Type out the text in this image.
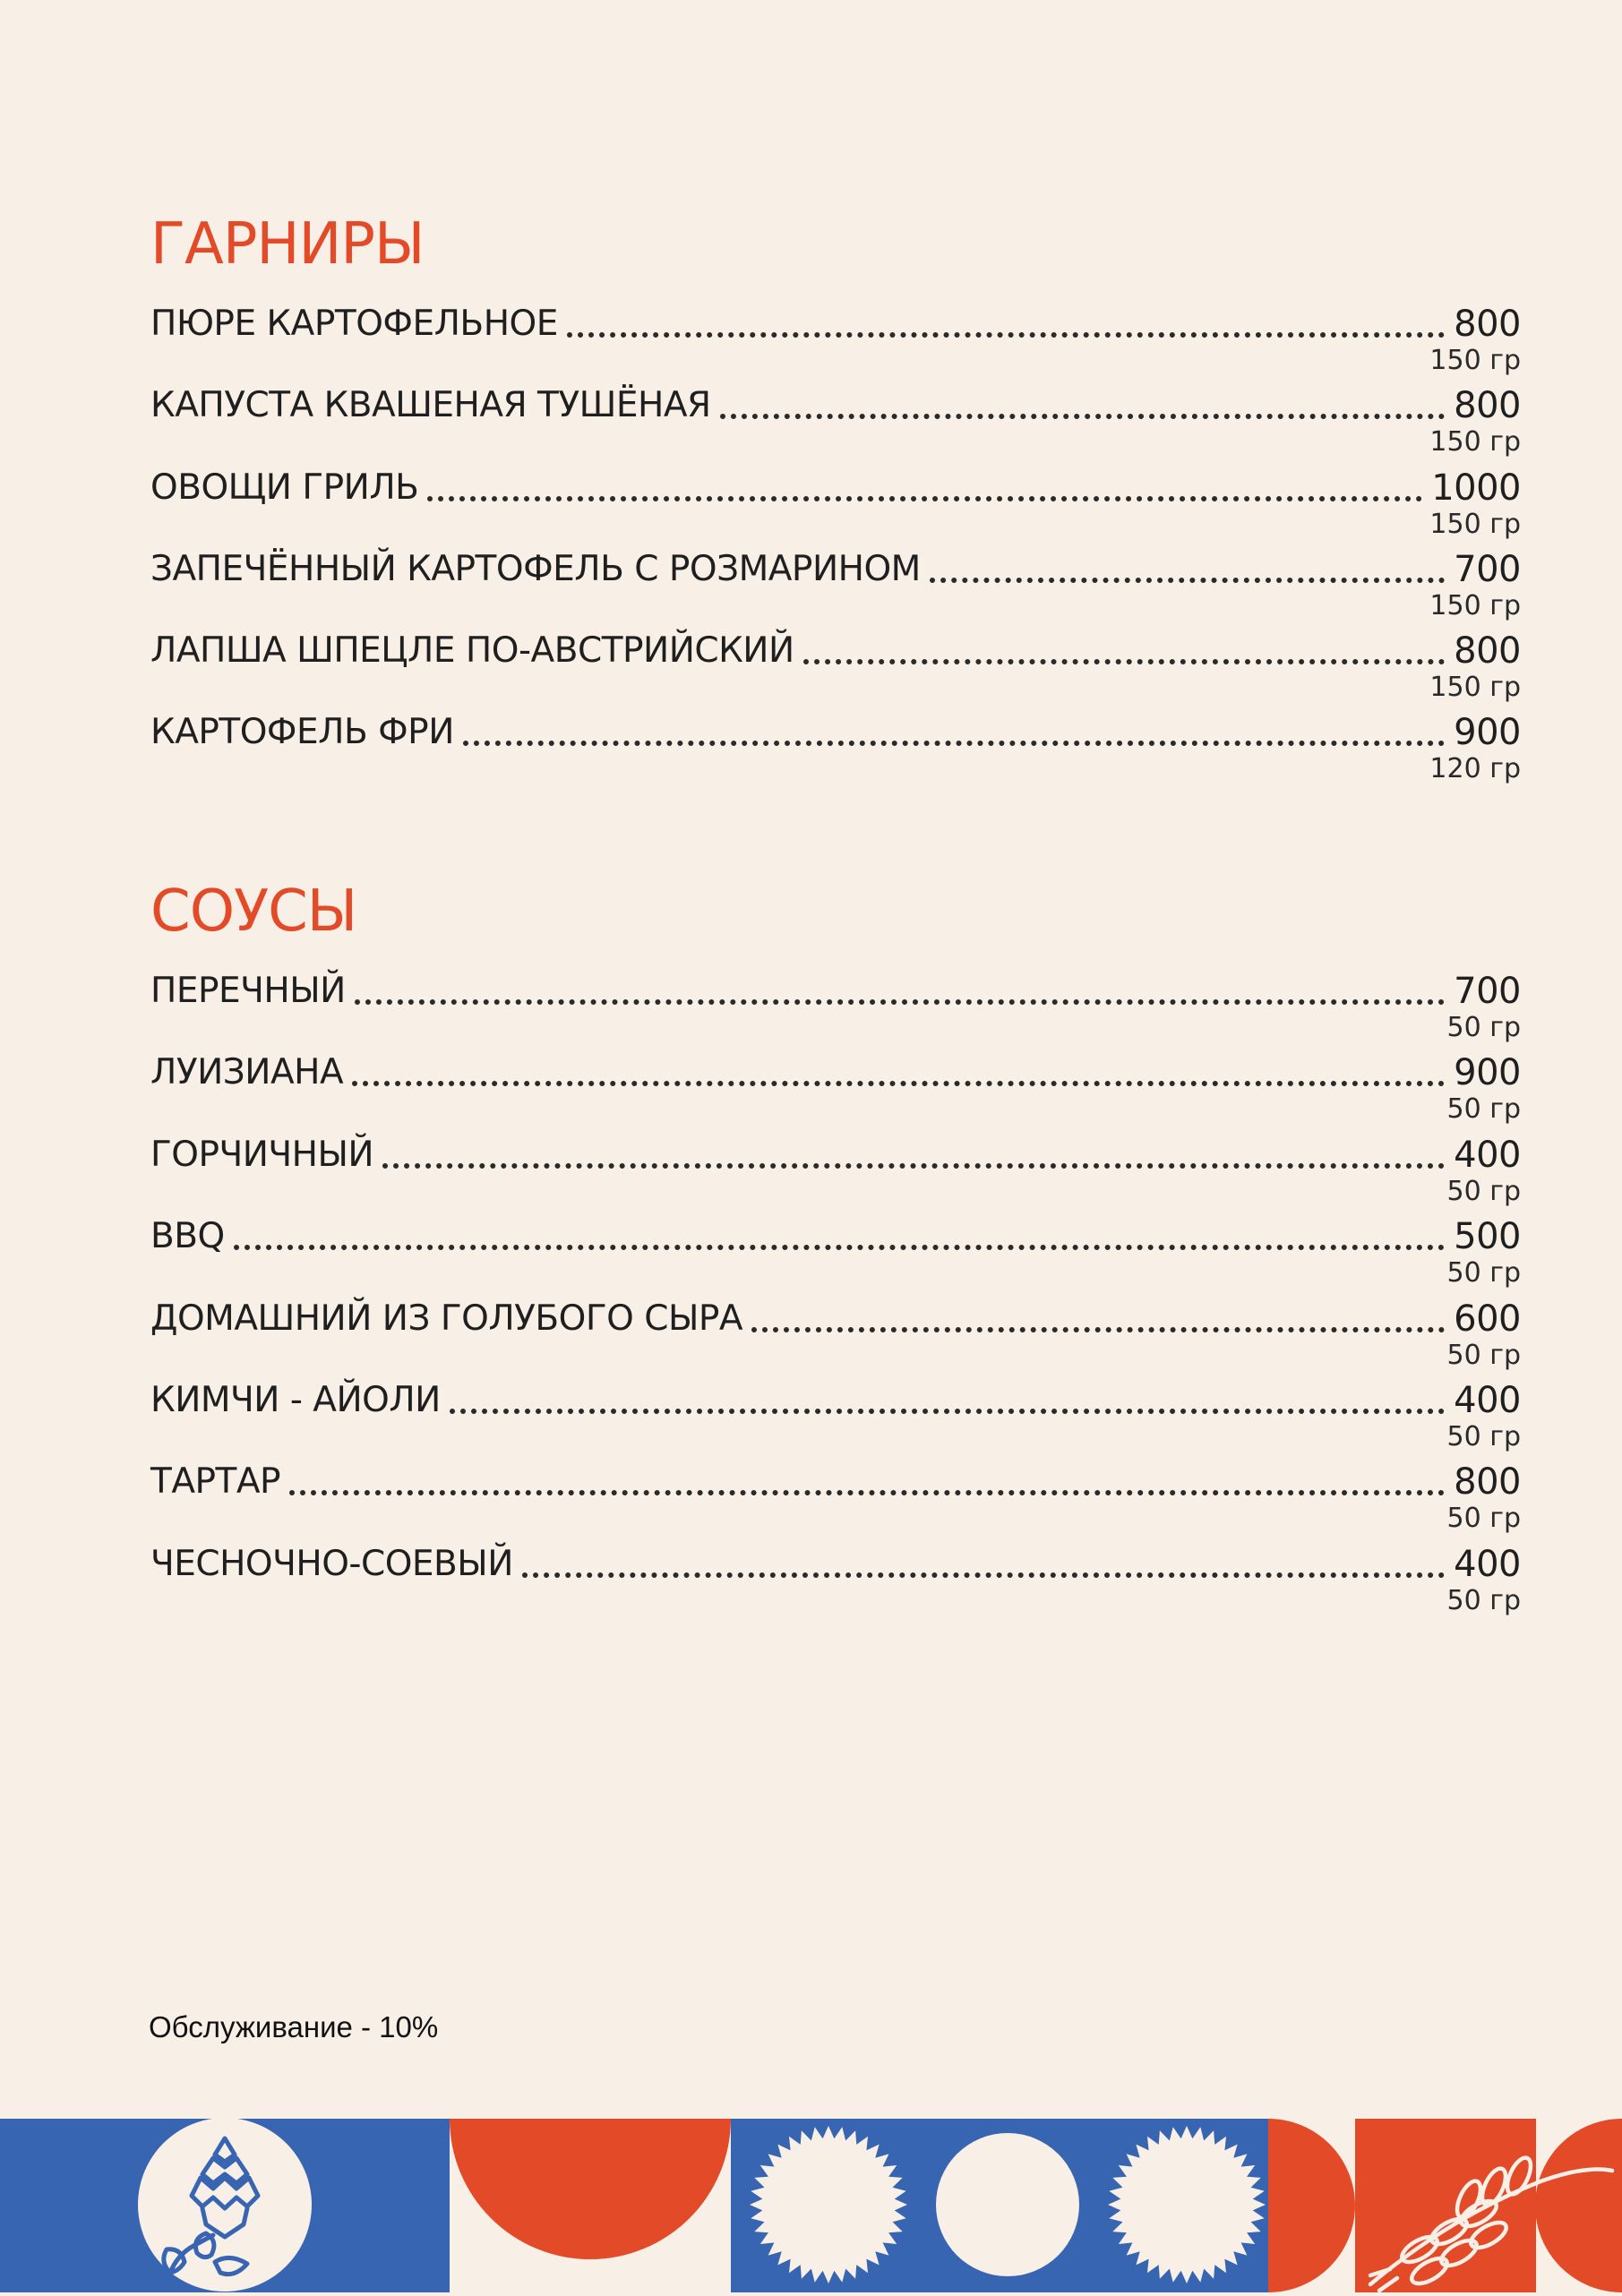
ГАРНИРЫ
ПЮРЕ КАРТОФЕЛЬНОЕ	800
150 гр
КАПУСТА КВАШЕНАЯ ТУШЁНАЯ	800
150 гр
ОВОЩИ ГРИЛЬ	1000
150 гр
ЗАПЕЧЁННЫЙ КАРТОФЕЛЬ С РОЗМАРИНОМ	700
150 гр
ЛАПША ШПЕЦЛЕ ПО-АВСТРИЙСКИЙ	800
150 гр
КАРТОФЕЛЬ ФРИ	900
120 гр
СОУСЫ
ПЕРЕЧНЫЙ	700
50 гр
ЛУИЗИАНА	900
50 гр
ГОРЧИЧНЫЙ	400
50 гр
BBQ	500
50 гр
ДОМАШНИЙ ИЗ ГОЛУБОГО СЫРА	600
50 гр
КИМЧИ - АЙОЛИ	400
50 гр
ТАРТАР	800
50 гр
ЧЕСНОЧНО-СОЕВЫЙ	400
50 гр
Обслуживание - 10%
